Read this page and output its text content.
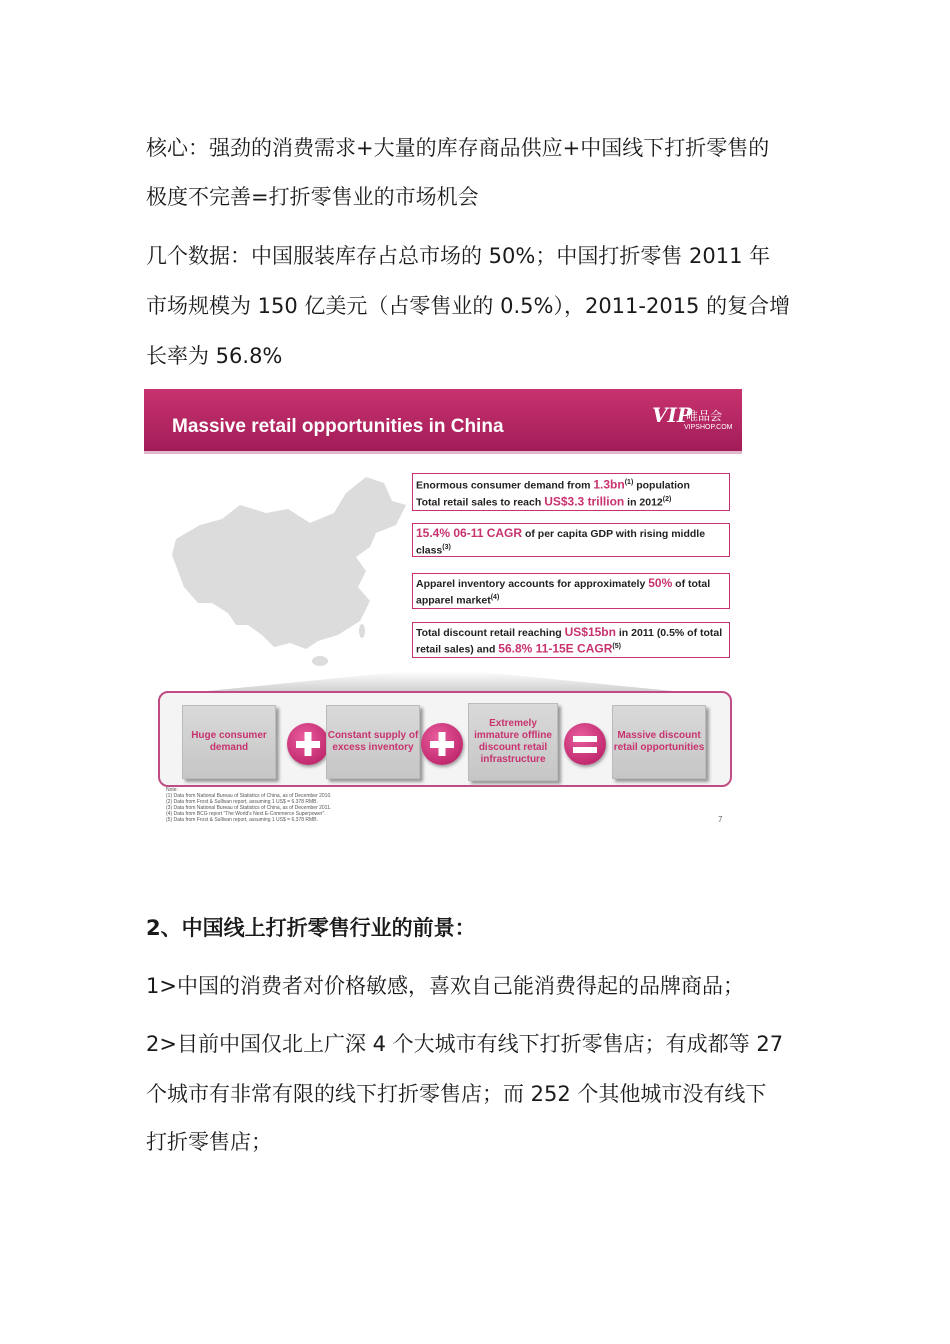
核心：强劲的消费需求+大量的库存商品供应+中国线下打折零售的

极度不完善=打折零售业的市场机会

几个数据：中国服装库存占总市场的 50%；中国打折零售 2011 年

市场规模为 150 亿美元（占零售业的 0.5%），2011-2015 的复合增

长率为 56.8%

Massive retail opportunities in China	VIP
唯品会
VIPSHOP.COM
Enormous consumer demand from $1.3bn^{(1)}$ population
Total retail sales to reach US$3.3 trillion in 2012$^{(2)}$
15.4% 06-11 CAGR of per capita GDP with rising middle class$^{(3)}$
Apparel inventory accounts for approximately 50% of total apparel market$^{(4)}$
Total discount retail reaching US$15bn in 2011 (0.5% of total retail sales) and 56.8% 11-15E CAGR$^{(5)}$
Huge consumer demand
Constant supply of excess inventory
Extremely immature offline discount retail infrastructure
Massive discount retail opportunities
Note:
(1) Data from National Bureau of Statistics of China, as of December 2010.
(2) Data from Frost & Sullivan report, assuming 1 US$ = 6.378 RMB.
(3) Data from National Bureau of Statistics of China, as of December 2011.
(4) Data from BCG report "The World's Next E-Commerce Superpower".
(5) Data from Frost & Sullivan report, assuming 1 US$ = 6.378 RMB.	7

2、中国线上打折零售行业的前景：

1>中国的消费者对价格敏感，喜欢自己能消费得起的品牌商品；

2>目前中国仅北上广深 4 个大城市有线下打折零售店；有成都等 27

个城市有非常有限的线下打折零售店；而 252 个其他城市没有线下

打折零售店；
